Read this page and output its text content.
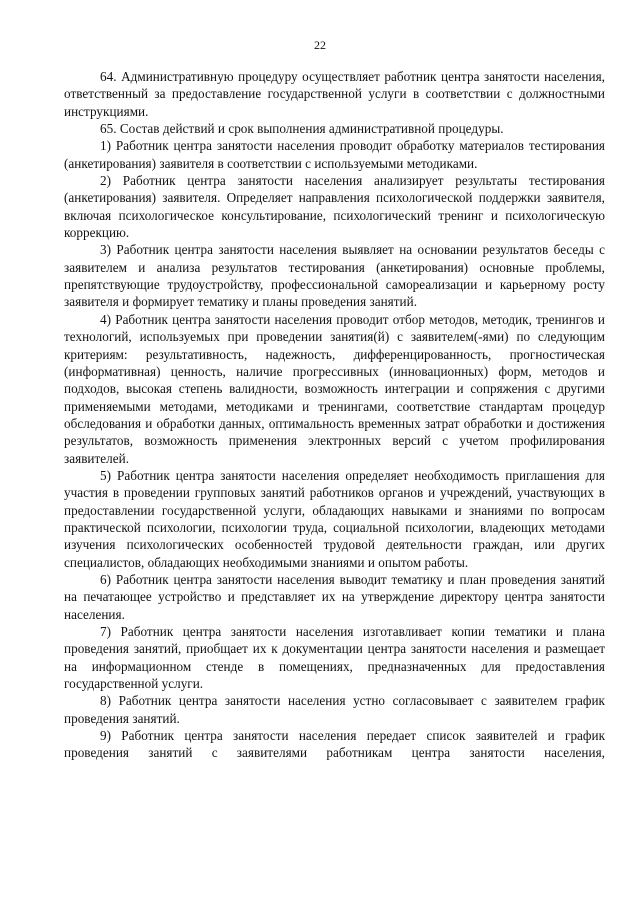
22

64. Административную процедуру осуществляет работник центра занятости населения, ответственный за предоставление государственной услуги в соответствии с должностными инструкциями.

65. Состав действий и срок выполнения административной процедуры.

1) Работник центра занятости населения проводит обработку материалов тестирования (анкетирования) заявителя в соответствии с используемыми методиками.

2) Работник центра занятости населения анализирует результаты тестирования (анкетирования) заявителя. Определяет направления психологической поддержки заявителя, включая психологическое консультирование, психологический тренинг и психологическую коррекцию.

3) Работник центра занятости населения выявляет на основании результатов беседы с заявителем и анализа результатов тестирования (анкетирования) основные проблемы, препятствующие трудоустройству, профессиональной самореализации и карьерному росту заявителя и формирует тематику и планы проведения занятий.

4) Работник центра занятости населения проводит отбор методов, методик, тренингов и технологий, используемых при проведении занятия(й) с заявителем(-ями) по следующим критериям: результативность, надежность, дифференцированность, прогностическая (информативная) ценность, наличие прогрессивных (инновационных) форм, методов и подходов, высокая степень валидности, возможность интеграции и сопряжения с другими применяемыми методами, методиками и тренингами, соответствие стандартам процедур обследования и обработки данных, оптимальность временных затрат обработки и достижения результатов, возможность применения электронных версий с учетом профилирования заявителей.

5) Работник центра занятости населения определяет необходимость приглашения для участия в проведении групповых занятий работников органов и учреждений, участвующих в предоставлении государственной услуги, обладающих навыками и знаниями по вопросам практической психологии, психологии труда, социальной психологии, владеющих методами изучения психологических особенностей трудовой деятельности граждан, или других специалистов, обладающих необходимыми знаниями и опытом работы.

6) Работник центра занятости населения выводит тематику и план проведения занятий на печатающее устройство и представляет их на утверждение директору центра занятости населения.

7) Работник центра занятости населения изготавливает копии тематики и плана проведения занятий, приобщает их к документации центра занятости населения и размещает на информационном стенде в помещениях, предназначенных для предоставления государственной услуги.

8) Работник центра занятости населения устно согласовывает с заявителем график проведения занятий.

9) Работник центра занятости населения передает список заявителей и график проведения занятий с заявителями работникам центра занятости населения,
